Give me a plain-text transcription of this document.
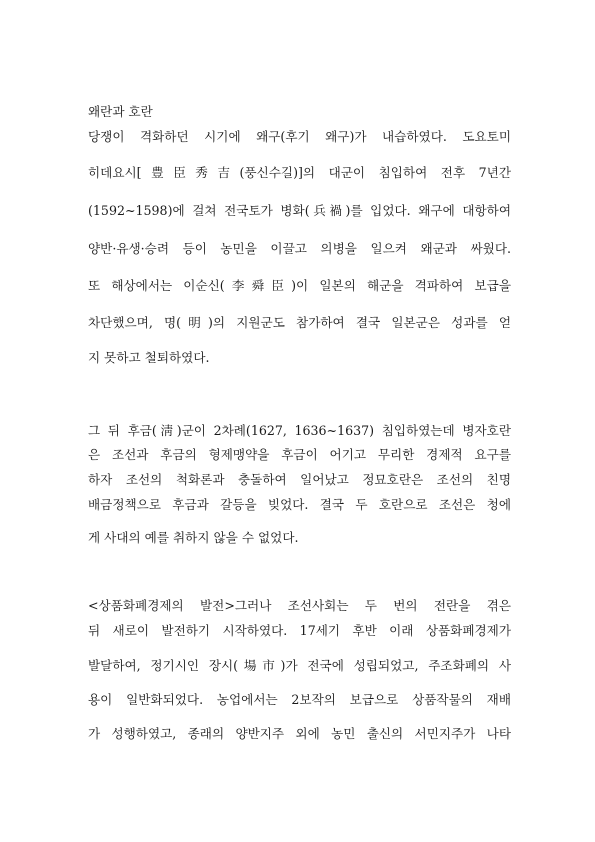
왜란과 호란
당쟁이 격화하던 시기에 왜구(후기 왜구)가 내습하였다. 도요토미
히데요시[豊臣秀吉(풍신수길)]의 대군이 침입하여 전후 7년간
(1592~1598)에 걸쳐 전국토가 병화(兵禍)를 입었다. 왜구에 대항하여
양반·유생·승려 등이 농민을 이끌고 의병을 일으켜 왜군과 싸웠다.
또 해상에서는 이순신(李舜臣)이 일본의 해군을 격파하여 보급을
차단했으며, 명(明)의 지원군도 참가하여 결국 일본군은 성과를 얻
지 못하고 철퇴하였다.
그 뒤 후금(淸)군이 2차례(1627, 1636~1637) 침입하였는데 병자호란
은 조선과 후금의 형제맹약을 후금이 어기고 무리한 경제적 요구를
하자 조선의 척화론과 충돌하여 일어났고 정묘호란은 조선의 친명
배금정책으로 후금과 갈등을 빚었다. 결국 두 호란으로 조선은 청에
게 사대의 예를 취하지 않을 수 없었다.
<상품화폐경제의 발전>그러나 조선사회는 두 번의 전란을 겪은
뒤 새로이 발전하기 시작하였다. 17세기 후반 이래 상품화폐경제가
발달하여, 정기시인 장시(場市)가 전국에 성립되었고, 주조화폐의 사
용이 일반화되었다. 농업에서는 2보작의 보급으로 상품작물의 재배
가 성행하였고, 종래의 양반지주 외에 농민 출신의 서민지주가 나타
